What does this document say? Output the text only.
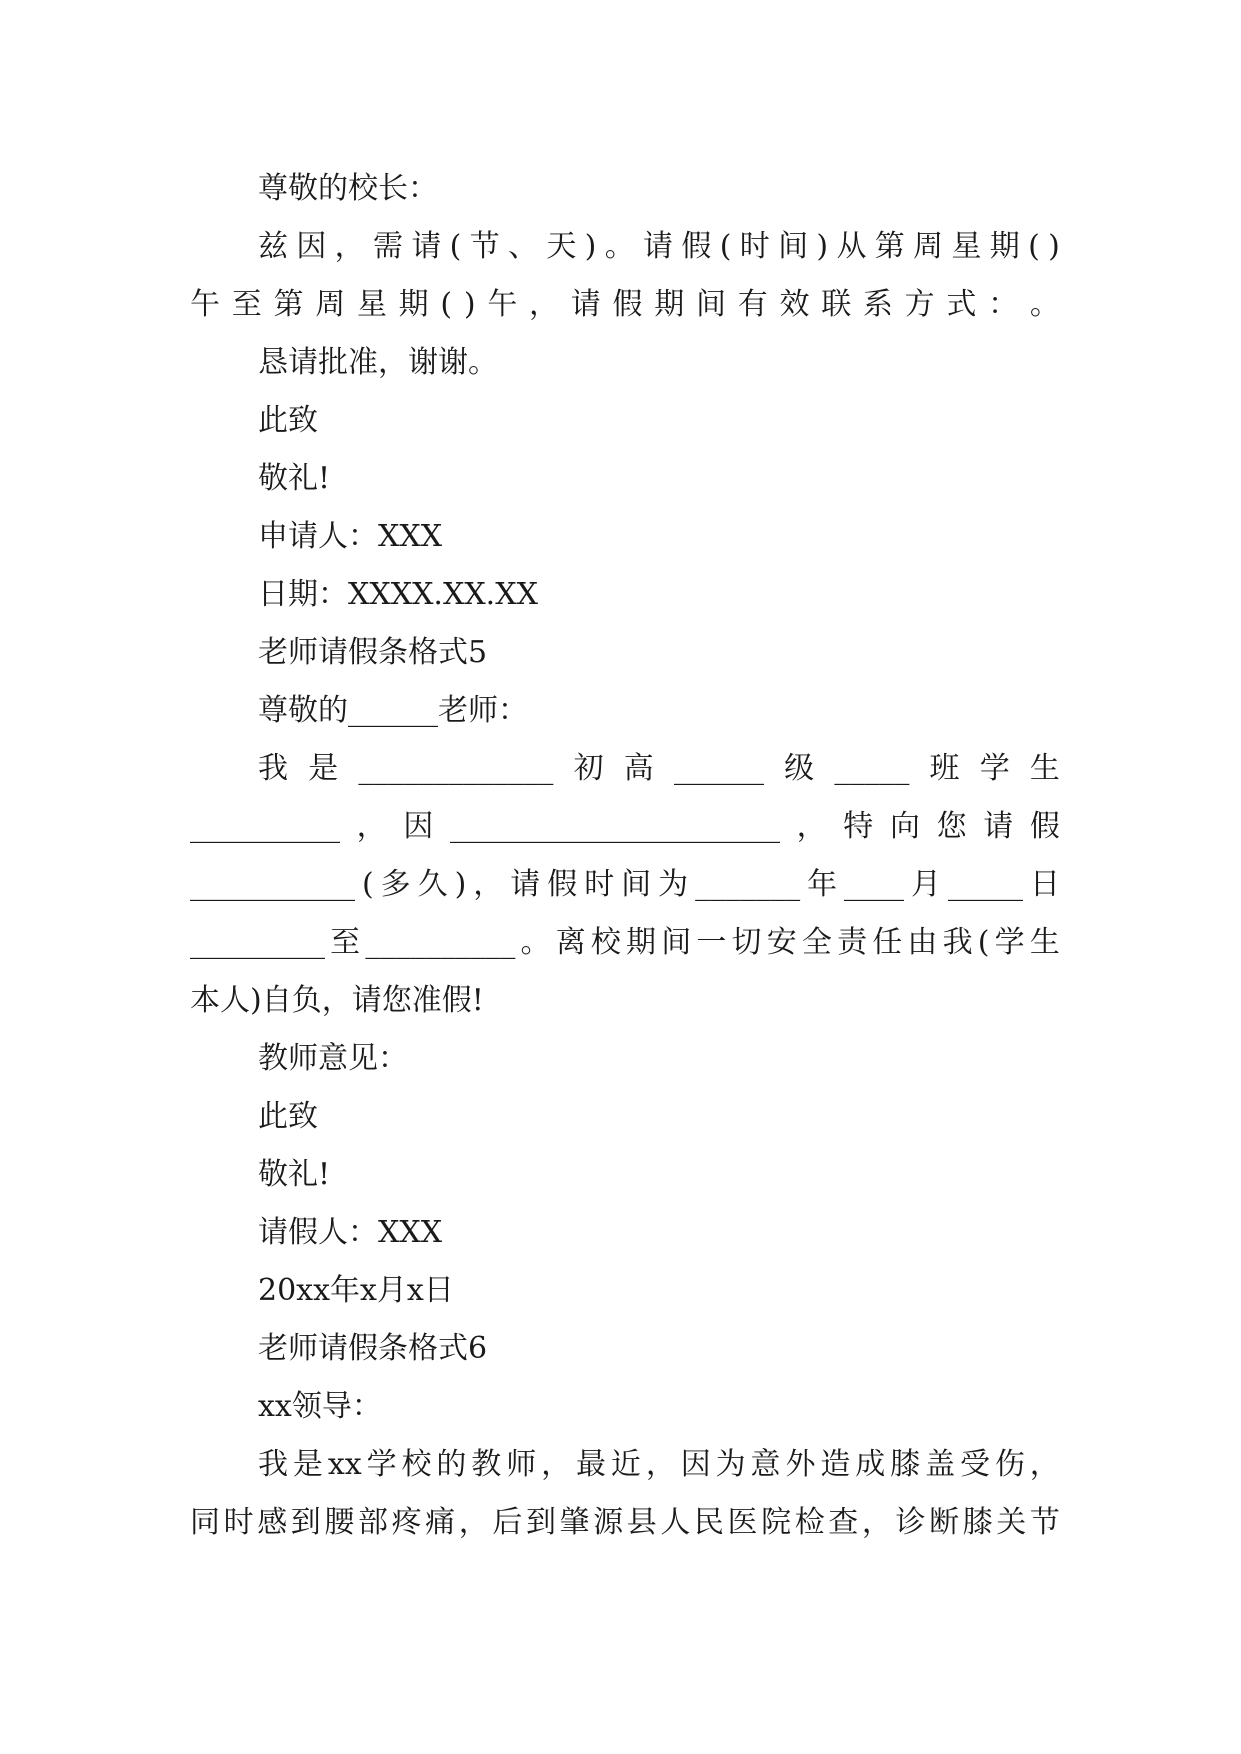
尊敬的校长：
兹 因 ， 需 请 ( 节 、 天 ) 。 请 假 ( 时 间 ) 从 第 周 星 期 ( )
午 至 第 周 星 期 ( ) 午 ， 请 假 期 间 有 效 联 系 方 式 ： 。
恳请批准，谢谢。
此致
敬礼!
申请人：XXX
日期：XXXX.XX.XX
老师请假条格式5
尊敬的______老师：
我 是 _____________ 初 高 ______ 级 _____ 班 学 生
__________ ， 因 ______________________ ， 特 向 您 请 假
___________ ( 多 久 ) ， 请 假 时 间 为 _______ 年 ____ 月 _____ 日
_________ 至 __________ 。 离 校 期 间 一 切 安 全 责 任 由 我 ( 学 生
本人)自负，请您准假!
教师意见：
此致
敬礼!
请假人：XXX
20xx年x月x日
老师请假条格式6
xx领导：
我 是 xx 学 校 的 教 师 ， 最 近 ， 因 为 意 外 造 成 膝 盖 受 伤 ，
同 时 感 到 腰 部 疼 痛 ， 后 到 肇 源 县 人 民 医 院 检 查 ， 诊 断 膝 关 节
